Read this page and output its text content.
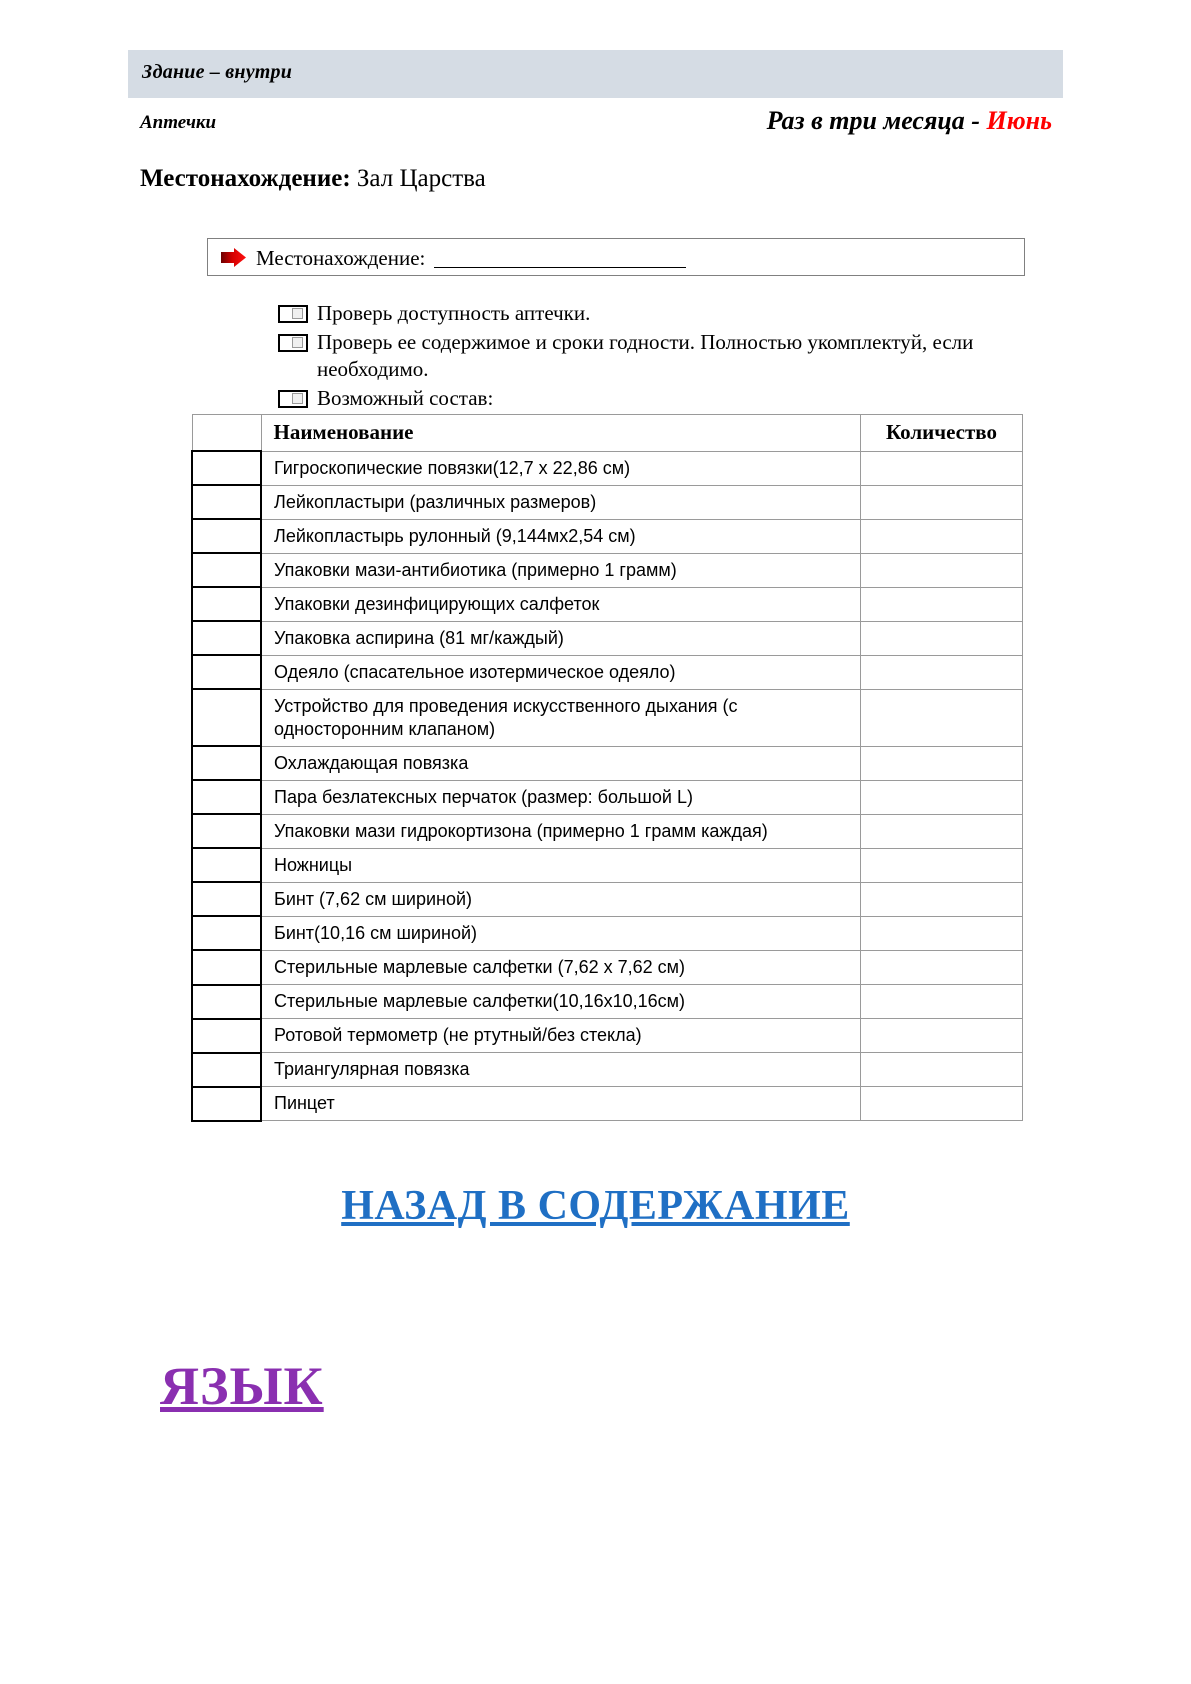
Здание – внутри
Аптечки	Раз в три месяца - Июнь
Местонахождение: Зал Царства
Местонахождение:
Проверь доступность аптечки.
Проверь ее содержимое и сроки годности. Полностью укомплектуй, если необходимо.
Возможный состав:
	Наименование	Количество
	Гигроскопические повязки(12,7 x 22,86 см)	
	Лейкопластыри (различных размеров)	
	Лейкопластырь рулонный (9,144мх2,54 см)	
	Упаковки мази-антибиотика (примерно 1 грамм)	
	Упаковки дезинфицирующих салфеток	
	Упаковка аспирина (81 мг/каждый)	
	Одеяло (спасательное изотермическое одеяло)	
	Устройство для проведения искусственного дыхания (с односторонним клапаном)	
	Охлаждающая повязка	
	Пара безлатексных перчаток (размер: большой L)	
	Упаковки мази гидрокортизона (примерно 1 грамм каждая)	
	Ножницы	
	Бинт (7,62 см шириной)	
	Бинт(10,16 см шириной)	
	Стерильные марлевые салфетки (7,62 x 7,62 см)	
	Стерильные марлевые салфетки(10,16х10,16см)	
	Ротовой термометр (не ртутный/без стекла)	
	Триангулярная повязка	
	Пинцет	
НАЗАД В СОДЕРЖАНИЕ
ЯЗЫК
